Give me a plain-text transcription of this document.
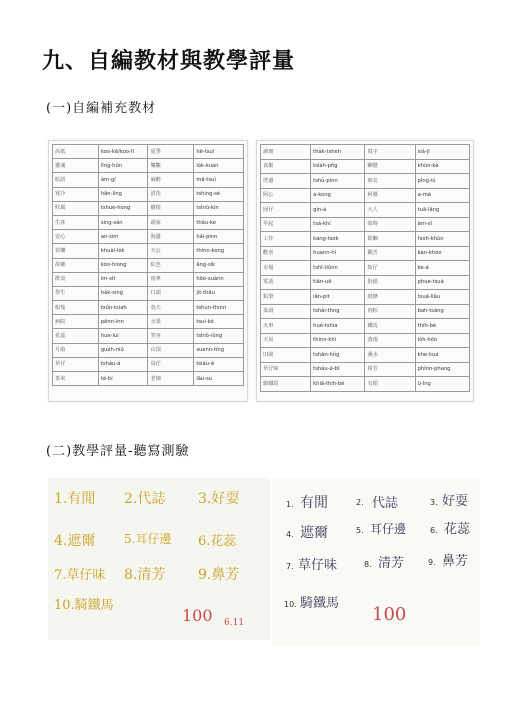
九、自編教材與教學評量
(一)自編補充教材
高低	koo-kē/koo-lī	夏季	hē-tsuī
靈魂	lîng-hûn	樂觀	lo̍k-kuan
暗語	àm-gí	麻醉	mâ-tsuì
寒冷	hân-líng	清洗	tshing-sé
吹風	tshue-hong	樹根	tshiū-kin
生產	sing-sán	頭家	thâu-ke
安心	an-sim	海邊	hái-pinn
快樂	khuài-lo̍k	天公	thinn-kong
故鄉	kòo-hiong	紅色	âng-sik
飲食	ím-si̍t	雨傘	hōo-suànn
學生	ha̍k-sing	日頭	ji̍t-thâu
船隻	tsûn-tsiah	春天	tshun-thinn
病院	pēnn-īnn	水果	tsuí-kó
花蕊	hue-luí	笑容	tshiò-iông
月娘	gue̍h-niû	山頂	suann-tíng
草仔	tsháu-á	鳥仔	tsiáu-á
茶米	tê-bí	老師	lāu-su
讀冊	tha̍k-tsheh	寫字	siá-jī
食飯	tsia̍h-pn̄g	睏覺	khùn-kà
厝邊	tshù-pinn	朋友	pîng-iú
阿公	a-kong	阿媽	a-má
囡仔	gín-á	大人	tuā-lâng
早起	tsá-khí	暗時	àm-sî
工作	kang-tsok	歇睏	hioh-khùn
歡喜	huann-hí	艱苦	kan-khóo
市場	tshī-tiûnn	街仔	ke-á
電話	tiān-uē	批紙	phue-tsuá
鉛筆	iân-pit	紙條	tsuá-liâu
菜湯	tshài-thng	肉粽	bah-tsàng
火車	hué-tshia	鐵馬	thih-bé
天氣	thinn-khì	落雨	lo̍h-hōo
田園	tshân-hn̂g	溪水	khe-tsuí
草仔味	tsháu-á-bī	鼻芳	phīnn-phang
騎鐵馬	khiâ-thih-bé	有閒	ū-îng
(二)教學評量-聽寫測驗
1.有閒 2.代誌 3.好耍
4.遮爾 5.耳仔邊 6.花蕊
7.草仔味 8.清芳 9.鼻芳
10.騎鐵馬
100 6.11
1. 有閒	2. 代誌	3. 好耍
4. 遮爾	5. 耳仔邊	6. 花蕊
7. 草仔味	8. 清芳	9. 鼻芳
10. 騎鐵馬
100
